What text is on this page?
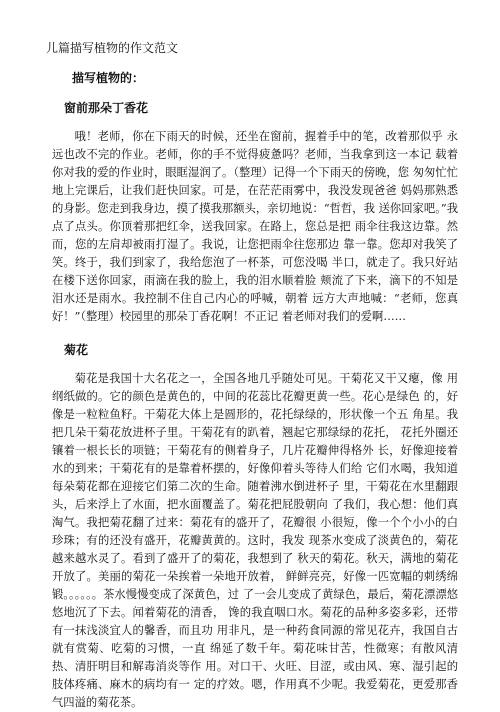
儿篇描写植物的作文范文
描写植物的：
窗前那朵丁香花

哦！老师，你在下雨天的时候，还坐在窗前，握着手中的笔，改着那似乎 永远也改不完的作业。老师，你的手不觉得疲惫吗？老师，当我拿到这一本记 载着你对我的爱的作业时，眼眶湿润了。（整理）记得一个下雨天的傍晚，您 匆匆忙忙地上完课后，让我们赶快回家。可是，在茫茫雨雾中，我没发现爸爸 妈妈那熟悉的身影。您走到我身边，摸了摸我那额头，亲切地说：“哲哲，我 送你回家吧。”我点了点头。你顶着那把红伞，送我回家。在路上，您总是把 雨伞往我这边靠。然而，您的左肩却被雨打湿了。我说，让您把雨伞往您那边 靠一靠。您却对我笑了笑。终于，我们到家了，我给您泡了一杯茶，可您没喝 半口，就走了。我只好站在楼下送你回家，雨滴在我的脸上，我的泪水顺着脸 颊流了下来，滴下的不知是泪水还是雨水。我控制不住自己内心的呼喊，朝着 远方大声地喊：“老师，您真好！”（整理）校园里的那朵丁香花啊！不正记 着老师对我们的爱啊……

菊花

菊花是我国十大名花之一，全国各地几乎随处可见。干菊花又干又瘪，像 用纲纸做的。它的颜色是黄色的，中间的花蕊比花瓣更黄一些。花心是绿色 的，好像是一粒粒鱼籽。干菊花大体上是圆形的，花托绿绿的，形状像一个五 角星。我把几朵干菊花放进杯子里。干菊花有的趴着，翘起它那绿绿的花托， 花托外圈还镶着一根长长的项链；干菊花有的侧着身子，几片花瓣伸得格外 长，好像迎接着水的到来；干菊花有的是靠着杯摆的，好像仰着头等待人们给 它们水喝，我知道每朵菊花都在迎接它们第二次的生命。随着沸水倒进杯子 里，干菊花在水里翻跟头，后来浮上了水面，把水面覆盖了。菊花把屁股朝向 了我们，我心想：他们真淘气。我把菊花翻了过来：菊花有的盛开了，花瓣很 小很短，像一个个小小的白珍珠；有的还没有盛开，花瓣黄黄的。这时，我发 现茶水变成了淡黄色的，菊花越来越水灵了。看到了盛开了的菊花，我想到了 秋天的菊花。秋天，满地的菊花开放了。美丽的菊花一朵挨着一朵地开放着， 鲜鲜亮亮，好像一匹宽幅的刺绣绵锻。。。。。。茶水慢慢变成了深黄色，过 了一会儿变成了黄绿色，最后，菊花漂漂悠悠地沉了下去。闻着菊花的清香， 馋的我直咽口水。菊花的品种多姿多彩，还带有一抹浅淡宜人的馨香，而且功 用非凡，是一种药食同源的常见花卉，我国自古就有赏菊、吃菊的习惯，一直 绵延了数千年。菊花味甘苦，性微寒；有散风清热、清肝明目和解毒消炎等作 用。对口干、火旺、目涩，或由风、寒、湿引起的肢体疼痛、麻木的病均有一 定的疗效。嗯，作用真不少呢。我爱菊花，更爱那香气四溢的菊花茶。
